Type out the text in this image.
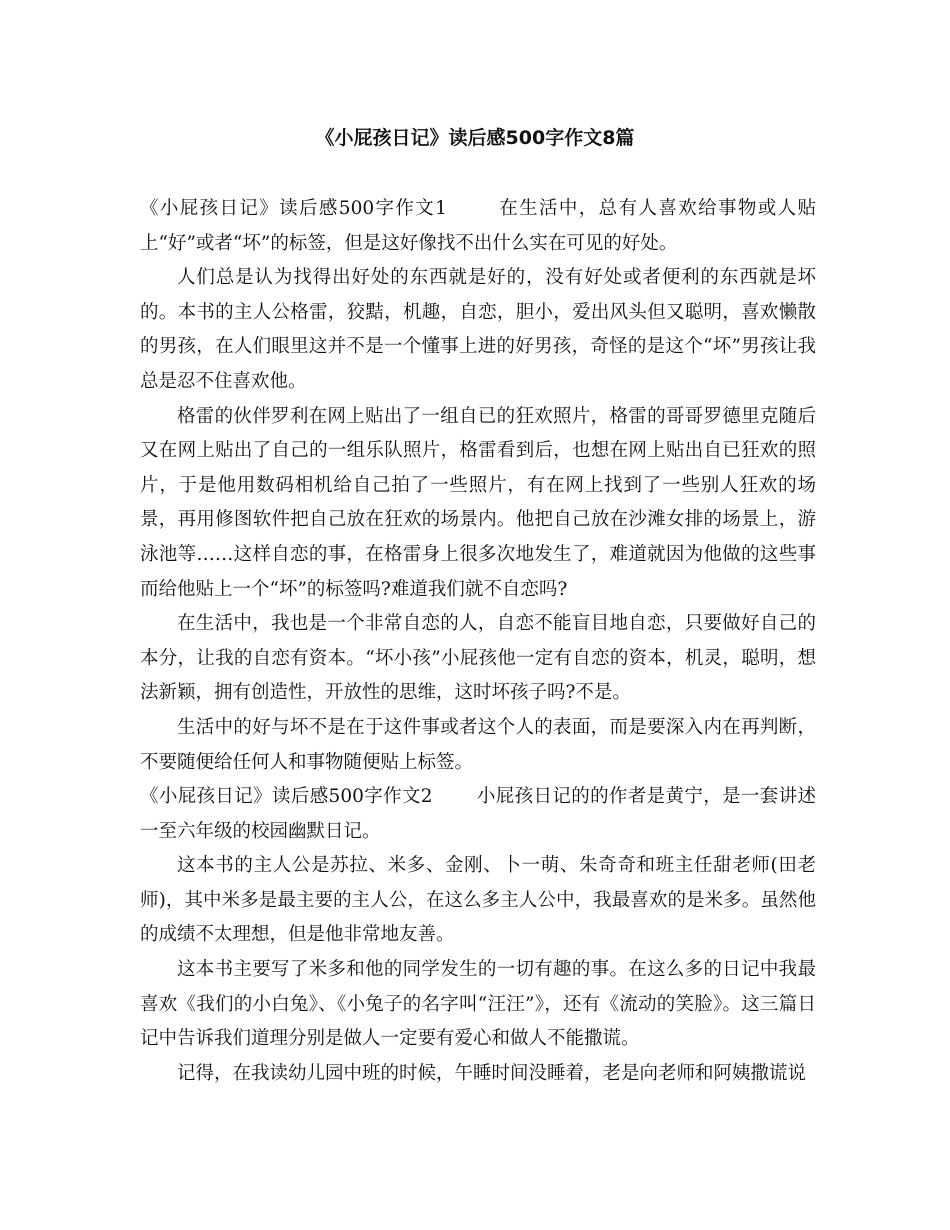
《小屁孩日记》读后感500字作文8篇

《小屁孩日记》读后感500字作文1	在生活中，总有人喜欢给事物或人贴上“好”或者“坏”的标签，但是这好像找不出什么实在可见的好处。

人们总是认为找得出好处的东西就是好的，没有好处或者便利的东西就是坏的。本书的主人公格雷，狡黠，机趣，自恋，胆小，爱出风头但又聪明，喜欢懒散的男孩，在人们眼里这并不是一个懂事上进的好男孩，奇怪的是这个“坏”男孩让我总是忍不住喜欢他。

格雷的伙伴罗利在网上贴出了一组自已的狂欢照片，格雷的哥哥罗德里克随后又在网上贴出了自己的一组乐队照片，格雷看到后，也想在网上贴出自已狂欢的照片，于是他用数码相机给自己拍了一些照片，有在网上找到了一些别人狂欢的场景，再用修图软件把自己放在狂欢的场景内。他把自己放在沙滩女排的场景上，游泳池等……这样自恋的事，在格雷身上很多次地发生了，难道就因为他做的这些事而给他贴上一个“坏”的标签吗?难道我们就不自恋吗?

在生活中，我也是一个非常自恋的人，自恋不能盲目地自恋，只要做好自己的本分，让我的自恋有资本。“坏小孩”小屁孩他一定有自恋的资本，机灵，聪明，想法新颖，拥有创造性，开放性的思维，这时坏孩子吗?不是。

生活中的好与坏不是在于这件事或者这个人的表面，而是要深入内在再判断，不要随便给任何人和事物随便贴上标签。

《小屁孩日记》读后感500字作文2 小屁孩日记的的作者是黄宁，是一套讲述一至六年级的校园幽默日记。

这本书的主人公是苏拉、米多、金刚、卜一萌、朱奇奇和班主任甜老师(田老师)，其中米多是最主要的主人公，在这么多主人公中，我最喜欢的是米多。虽然他的成绩不太理想，但是他非常地友善。

这本书主要写了米多和他的同学发生的一切有趣的事。在这么多的日记中我最喜欢《我们的小白兔》、《小兔子的名字叫“汪汪”》，还有《流动的笑脸》。这三篇日记中告诉我们道理分别是做人一定要有爱心和做人不能撒谎。

记得，在我读幼儿园中班的时候，午睡时间没睡着，老是向老师和阿姨撒谎说
